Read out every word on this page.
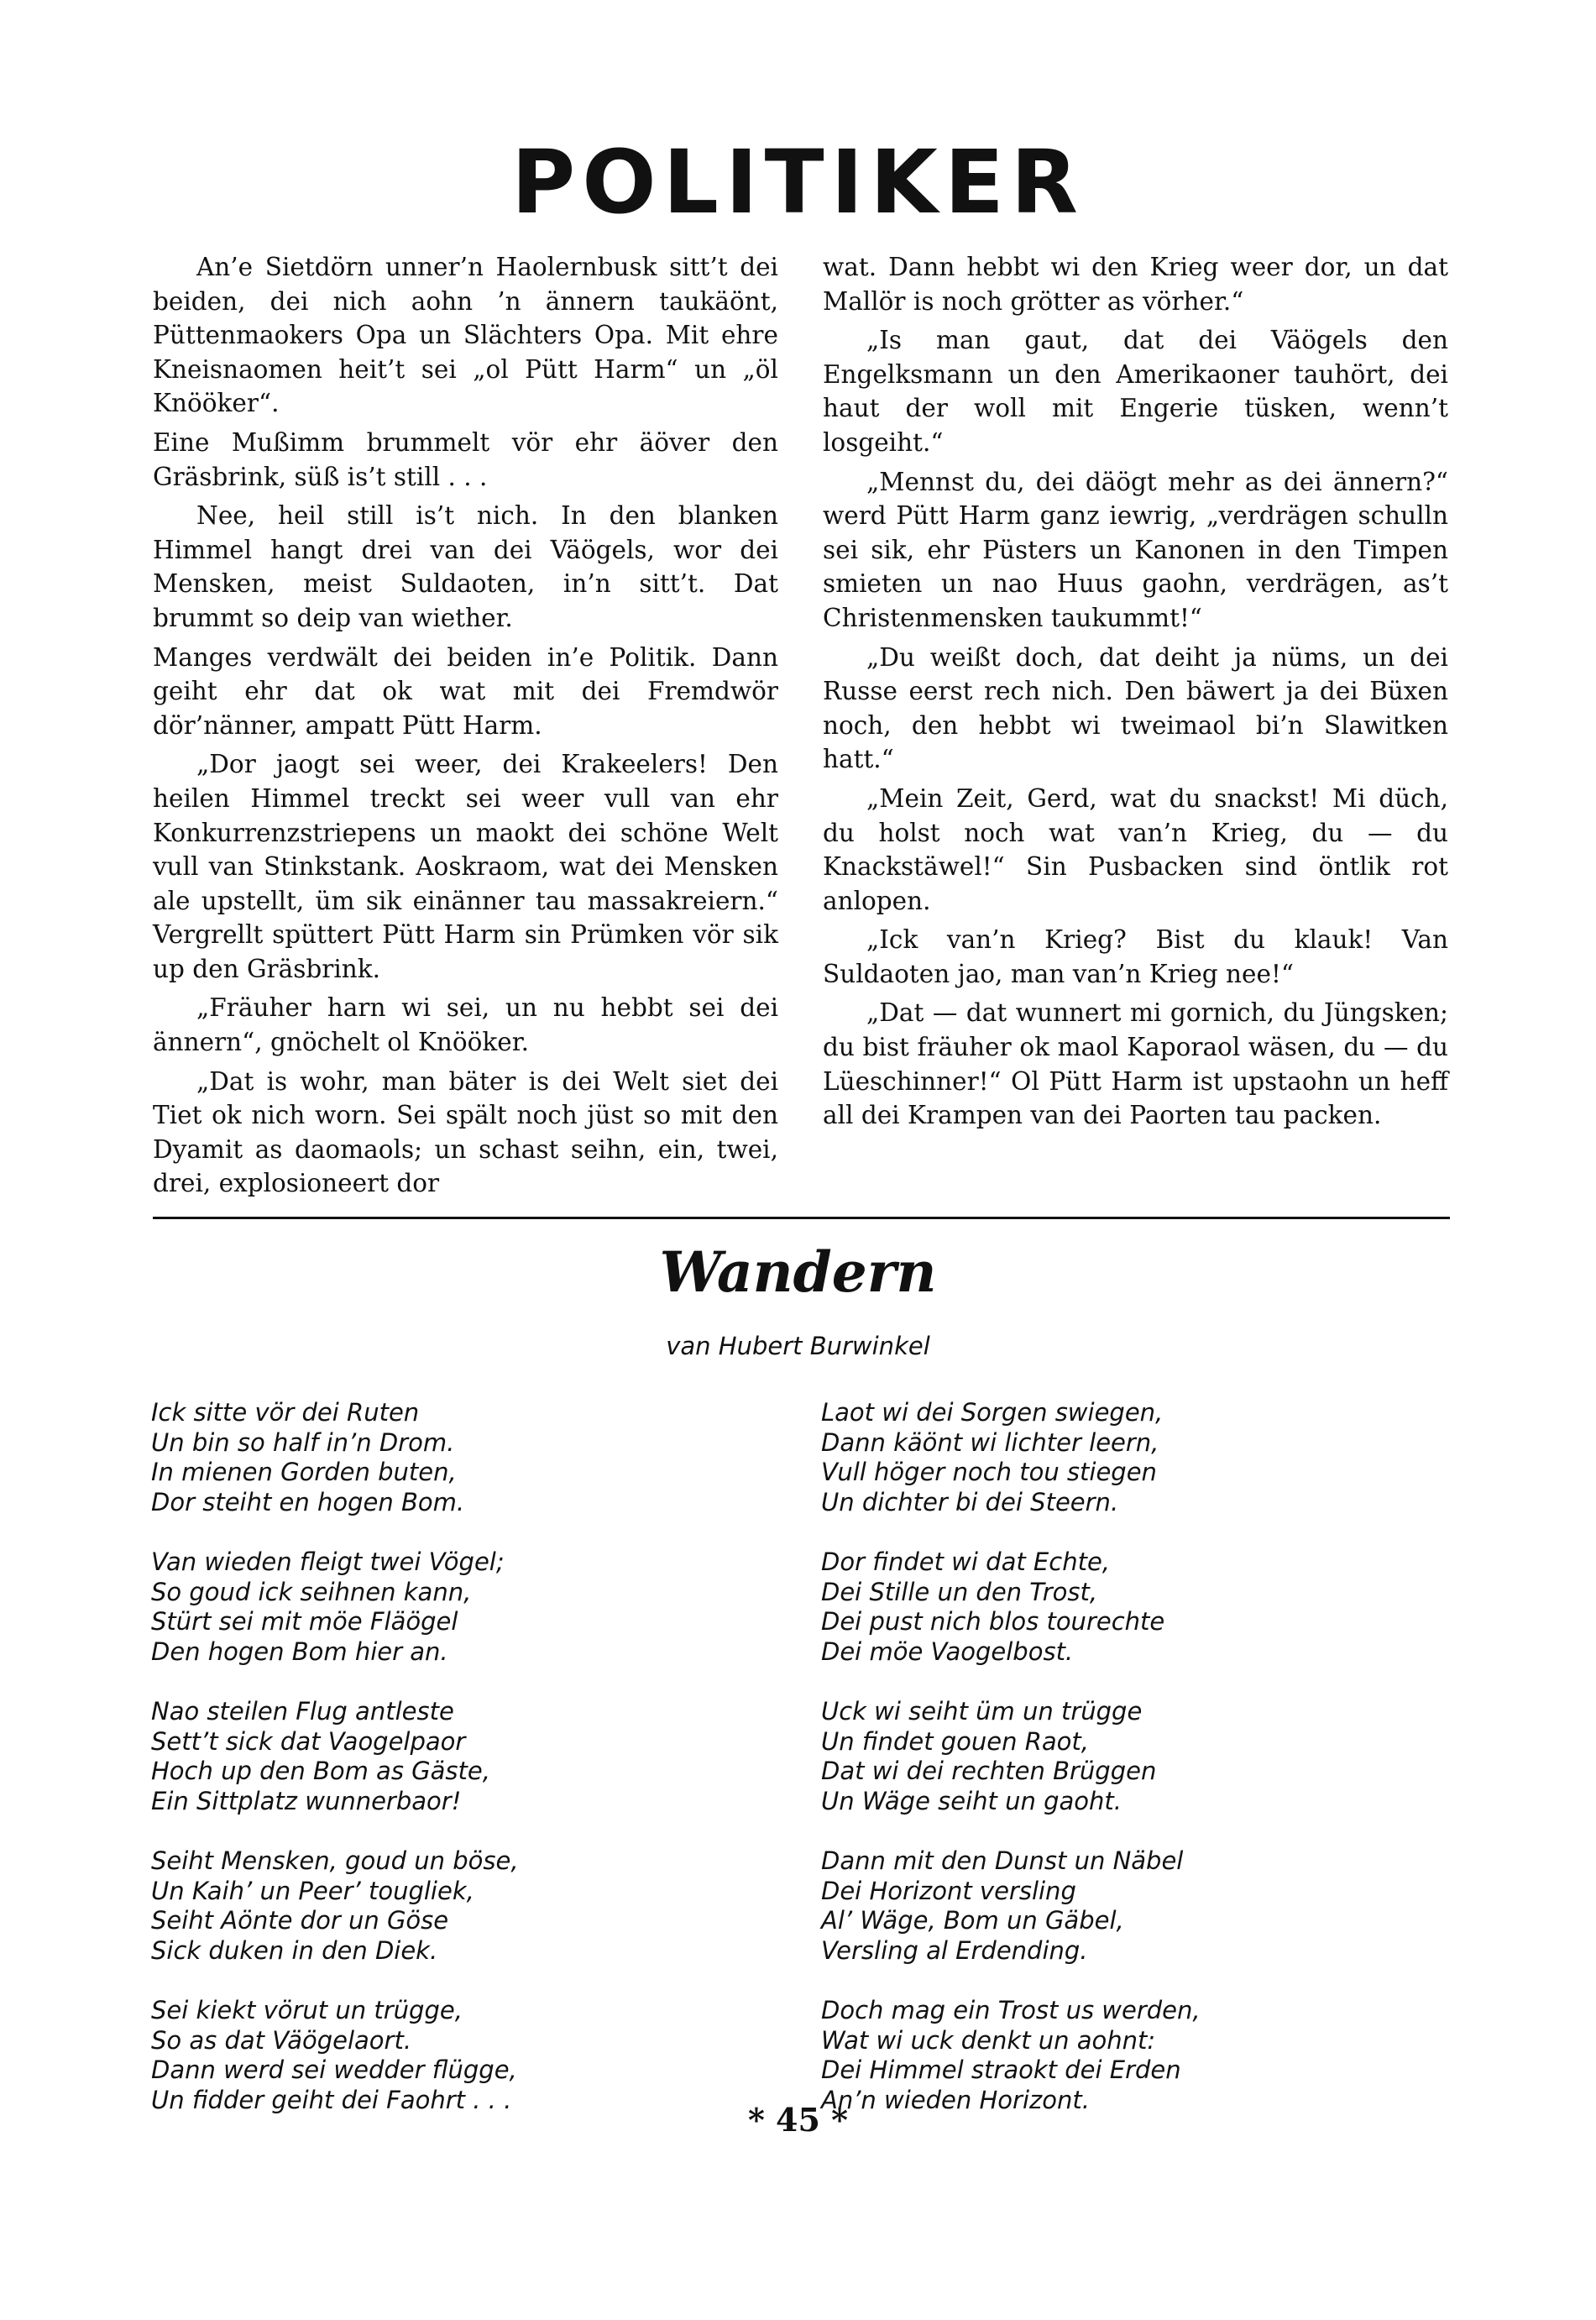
POLITIKER

An’e Sietdörn unner’n Haolernbusk sitt’t dei beiden, dei nich aohn ’n ännern taukäönt, Püttenmaokers Opa un Slächters Opa. Mit ehre Kneisnaomen heit’t sei „ol Pütt Harm“ un „öl Knööker“.

Eine Mußimm brummelt vör ehr äöver den Gräsbrink, süß is’t still . . .

Nee, heil still is’t nich. In den blanken Himmel hangt drei van dei Väögels, wor dei Mensken, meist Suldaoten, in’n sitt’t. Dat brummt so deip van wiether.

Manges verdwält dei beiden in’e Politik. Dann geiht ehr dat ok wat mit dei Fremdwör dör’nänner, ampatt Pütt Harm.

„Dor jaogt sei weer, dei Krakeelers! Den heilen Himmel treckt sei weer vull van ehr Konkurrenzstriepens un maokt dei schöne Welt vull van Stinkstank. Aoskraom, wat dei Mensken ale upstellt, üm sik einänner tau massakreiern.“ Vergrellt spüttert Pütt Harm sin Prümken vör sik up den Gräsbrink.

„Fräuher harn wi sei, un nu hebbt sei dei ännern“, gnöchelt ol Knööker.

„Dat is wohr, man bäter is dei Welt siet dei Tiet ok nich worn. Sei spält noch jüst so mit den Dyamit as daomaols; un schast seihn, ein, twei, drei, explosioneert dor

wat. Dann hebbt wi den Krieg weer dor, un dat Mallör is noch grötter as vörher.“

„Is man gaut, dat dei Väögels den Engelksmann un den Amerikaoner tauhört, dei haut der woll mit Engerie tüsken, wenn’t losgeiht.“

„Mennst du, dei däögt mehr as dei ännern?“ werd Pütt Harm ganz iewrig, „verdrägen schulln sei sik, ehr Püsters un Kanonen in den Timpen smieten un nao Huus gaohn, verdrägen, as’t Christenmensken taukummt!“

„Du weißt doch, dat deiht ja nüms, un dei Russe eerst rech nich. Den bäwert ja dei Büxen noch, den hebbt wi tweimaol bi’n Slawitken hatt.“

„Mein Zeit, Gerd, wat du snackst! Mi düch, du holst noch wat van’n Krieg, du — du Knackstäwel!“ Sin Pusbacken sind öntlik rot anlopen.

„Ick van’n Krieg? Bist du klauk! Van Suldaoten jao, man van’n Krieg nee!“

„Dat — dat wunnert mi gornich, du Jüngsken; du bist fräuher ok maol Kaporaol wäsen, du — du Lüeschinner!“ Ol Pütt Harm ist upstaohn un heff all dei Krampen van dei Paorten tau packen.

Wandern
van Hubert Burwinkel
Ick sitte vör dei Ruten
Un bin so half in’n Drom.
In mienen Gorden buten,
Dor steiht en hogen Bom.
Van wieden fleigt twei Vögel;
So goud ick seihnen kann,
Stürt sei mit möe Fläögel
Den hogen Bom hier an.
Nao steilen Flug antleste
Sett’t sick dat Vaogelpaor
Hoch up den Bom as Gäste,
Ein Sittplatz wunnerbaor!
Seiht Mensken, goud un böse,
Un Kaih’ un Peer’ tougliek,
Seiht Aönte dor un Göse
Sick duken in den Diek.
Sei kiekt vörut un trügge,
So as dat Väögelaort.
Dann werd sei wedder flügge,
Un fidder geiht dei Faohrt . . .
Laot wi dei Sorgen swiegen,
Dann käönt wi lichter leern,
Vull höger noch tou stiegen
Un dichter bi dei Steern.
Dor findet wi dat Echte,
Dei Stille un den Trost,
Dei pust nich blos tourechte
Dei möe Vaogelbost.
Uck wi seiht üm un trügge
Un findet gouen Raot,
Dat wi dei rechten Brüggen
Un Wäge seiht un gaoht.
Dann mit den Dunst un Näbel
Dei Horizont versling
Al’ Wäge, Bom un Gäbel,
Versling al Erdending.
Doch mag ein Trost us werden,
Wat wi uck denkt un aohnt:
Dei Himmel straokt dei Erden
An’n wieden Horizont.
* 45 *
